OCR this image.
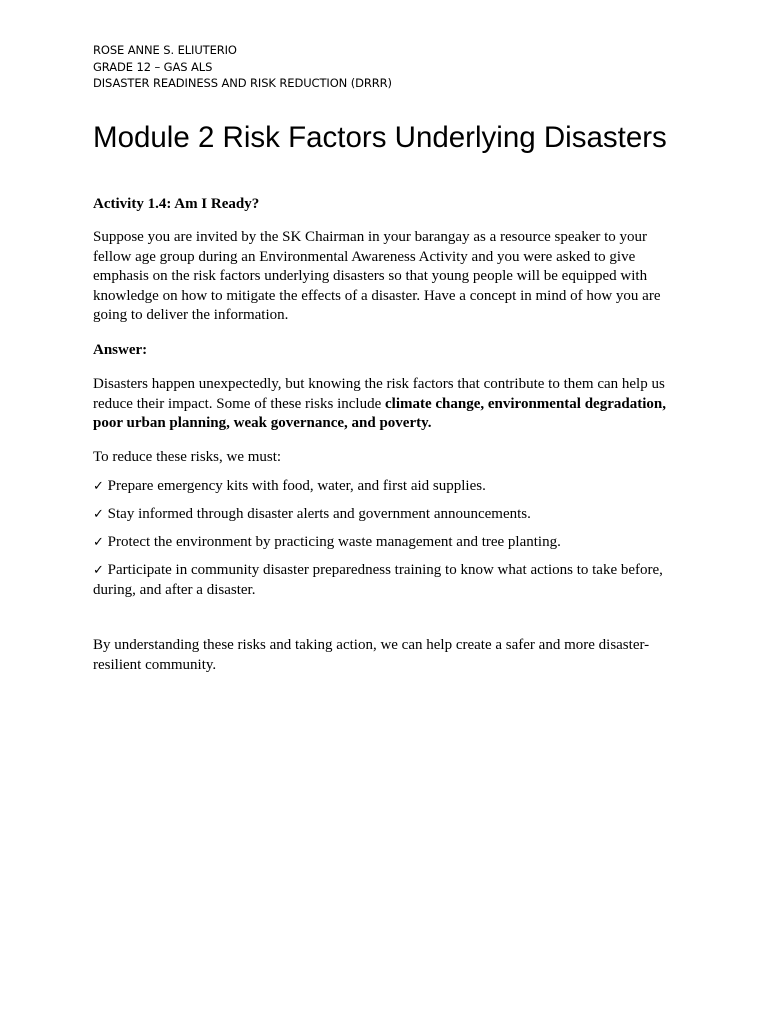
ROSE ANNE S. ELIUTERIO
GRADE 12 – GAS ALS
DISASTER READINESS AND RISK REDUCTION (DRRR)
Module 2 Risk Factors Underlying Disasters
Activity 1.4: Am I Ready?

Suppose you are invited by the SK Chairman in your barangay as a resource speaker to your fellow age group during an Environmental Awareness Activity and you were asked to give emphasis on the risk factors underlying disasters so that young people will be equipped with knowledge on how to mitigate the effects of a disaster. Have a concept in mind of how you are going to deliver the information.

Answer:

Disasters happen unexpectedly, but knowing the risk factors that contribute to them can help us reduce their impact. Some of these risks include climate change, environmental degradation, poor urban planning, weak governance, and poverty.

To reduce these risks, we must:
✓ Prepare emergency kits with food, water, and first aid supplies.
✓ Stay informed through disaster alerts and government announcements.
✓ Protect the environment by practicing waste management and tree planting.
✓ Participate in community disaster preparedness training to know what actions to take before, during, and after a disaster.

By understanding these risks and taking action, we can help create a safer and more disaster-resilient community.
